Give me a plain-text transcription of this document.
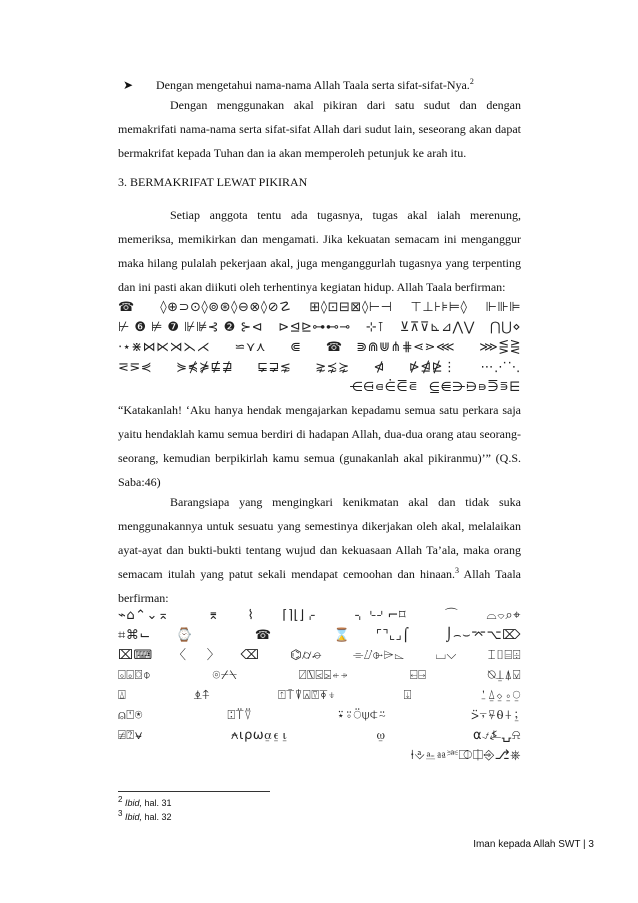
➤ Dengan mengetahui nama-nama Allah Taala serta sifat-sifat-Nya.$^2$

Dengan menggunakan akal pikiran dari satu sudut dan dengan memakrifati nama-nama serta sifat-sifat Allah dari sudut lain, seseorang akan dapat bermakrifat kepada Tuhan dan ia akan memperoleh petunjuk ke arah itu.

3. BERMAKRIFAT LEWAT PIKIRAN

Setiap anggota tentu ada tugasnya, tugas akal ialah merenung, memeriksa, memikirkan dan mengamati. Jika kekuatan semacam ini menganggur maka hilang pulalah pekerjaan akal, juga menganggurlah tugasnya yang terpenting dan ini pasti akan diikuti oleh terhentinya kegiatan hidup. Allah Taala berfirman:

☎ ◊⊕⊃⊙◊⊚⊛◊⊖⊗◊⊘☡ ⊞◊⊡⊟⊠◊⊢⊣ ⊤⊥⊦⊧⊨◊ ⊩⊪⊫

⊬❻⊭❼⊮⊯⊰❷⊱⊲ ⊳⊴⊵⊶⊷⊸ ⊹⊺ ⊻⊼⊽⊾⊿⋀⋁ ⋂⋃⋄

⋅⋆⋇⋈⋉⋊⋋⋌ ⋍⋎⋏ ⋐ ☎⋑⋒⋓⋔⋕⋖⋗⋘ ⋙⋚⋛

⋜⋝⋞ ⋟⋠⋡⋢⋣ ⋤⋥⋦ ⋧⋨⋩ ⋪ ⋫⋬⋭⋮ ⋯⋰⋱

⋲⋳⋴⋵⋶⋷ ⋸⋹⋺⋻⋼⋽⋾⋿

“Katakanlah! ‘Aku hanya hendak mengajarkan kepadamu semua satu perkara saja yaitu hendaklah kamu semua berdiri di hadapan Allah, dua-dua orang atau seorang-seorang, kemudian berpikirlah kamu semua (gunakanlah akal pikiranmu)’” (Q.S. Saba:46)

Barangsiapa yang mengingkari kenikmatan akal dan tidak suka menggunakannya untuk sesuatu yang semestinya dikerjakan oleh akal, melalaikan ayat-ayat dan bukti-bukti tentang wujud dan kekuasaan Allah Ta’ala, maka orang semacam itulah yang patut sekali mendapat cemoohan dan hinaan.$^3$ Allah Taala berfirman:

⌁⌂⌃⌄⌅ ⌆⌇⌈⌉⌊⌋⌌ ⌍⌎⌏⌐⌑ ⌒⌓⌔⌕⌖

⌗⌘⌙⌚ ☎ ⌛⌜⌝⌞⌟⌠ ⌡⌢⌣⌤⌥⌦

⌧⌨〈〉⌫ ⌬⌭⌮ ⌯⌰⌱⌲⌳ ⌴⌵ ⌶⌷⌸⌹

⌺⌻⌼⌽ ⌾⌿⍀ ⍁⍂⍃⍄⍅⍆ ⍇⍈ ⍉⍊⍋⍌

⍍ ⍎⍏ ⍐⍑⍒⍓⍔⍕⍖ ⍗ ⍘⍙⍚⍛⍜

⍝⍞⍟ ⍠⍡⍢ ⍣⍤⍥⍦⍧⍨ ⍩⍪⍫⍬⍭⍮

⍯⍰⍱ ⍲⍳⍴⍵⍶⍷⍸ ⍹ ⍺⍻⍼⍽⍾

⍿⎀⎁⎂⎃⎄⎅⎆⎇⎈

$^2$ Ibid, hal. 31
$^3$ Ibid, hal. 32
Iman kepada Allah SWT | 3
